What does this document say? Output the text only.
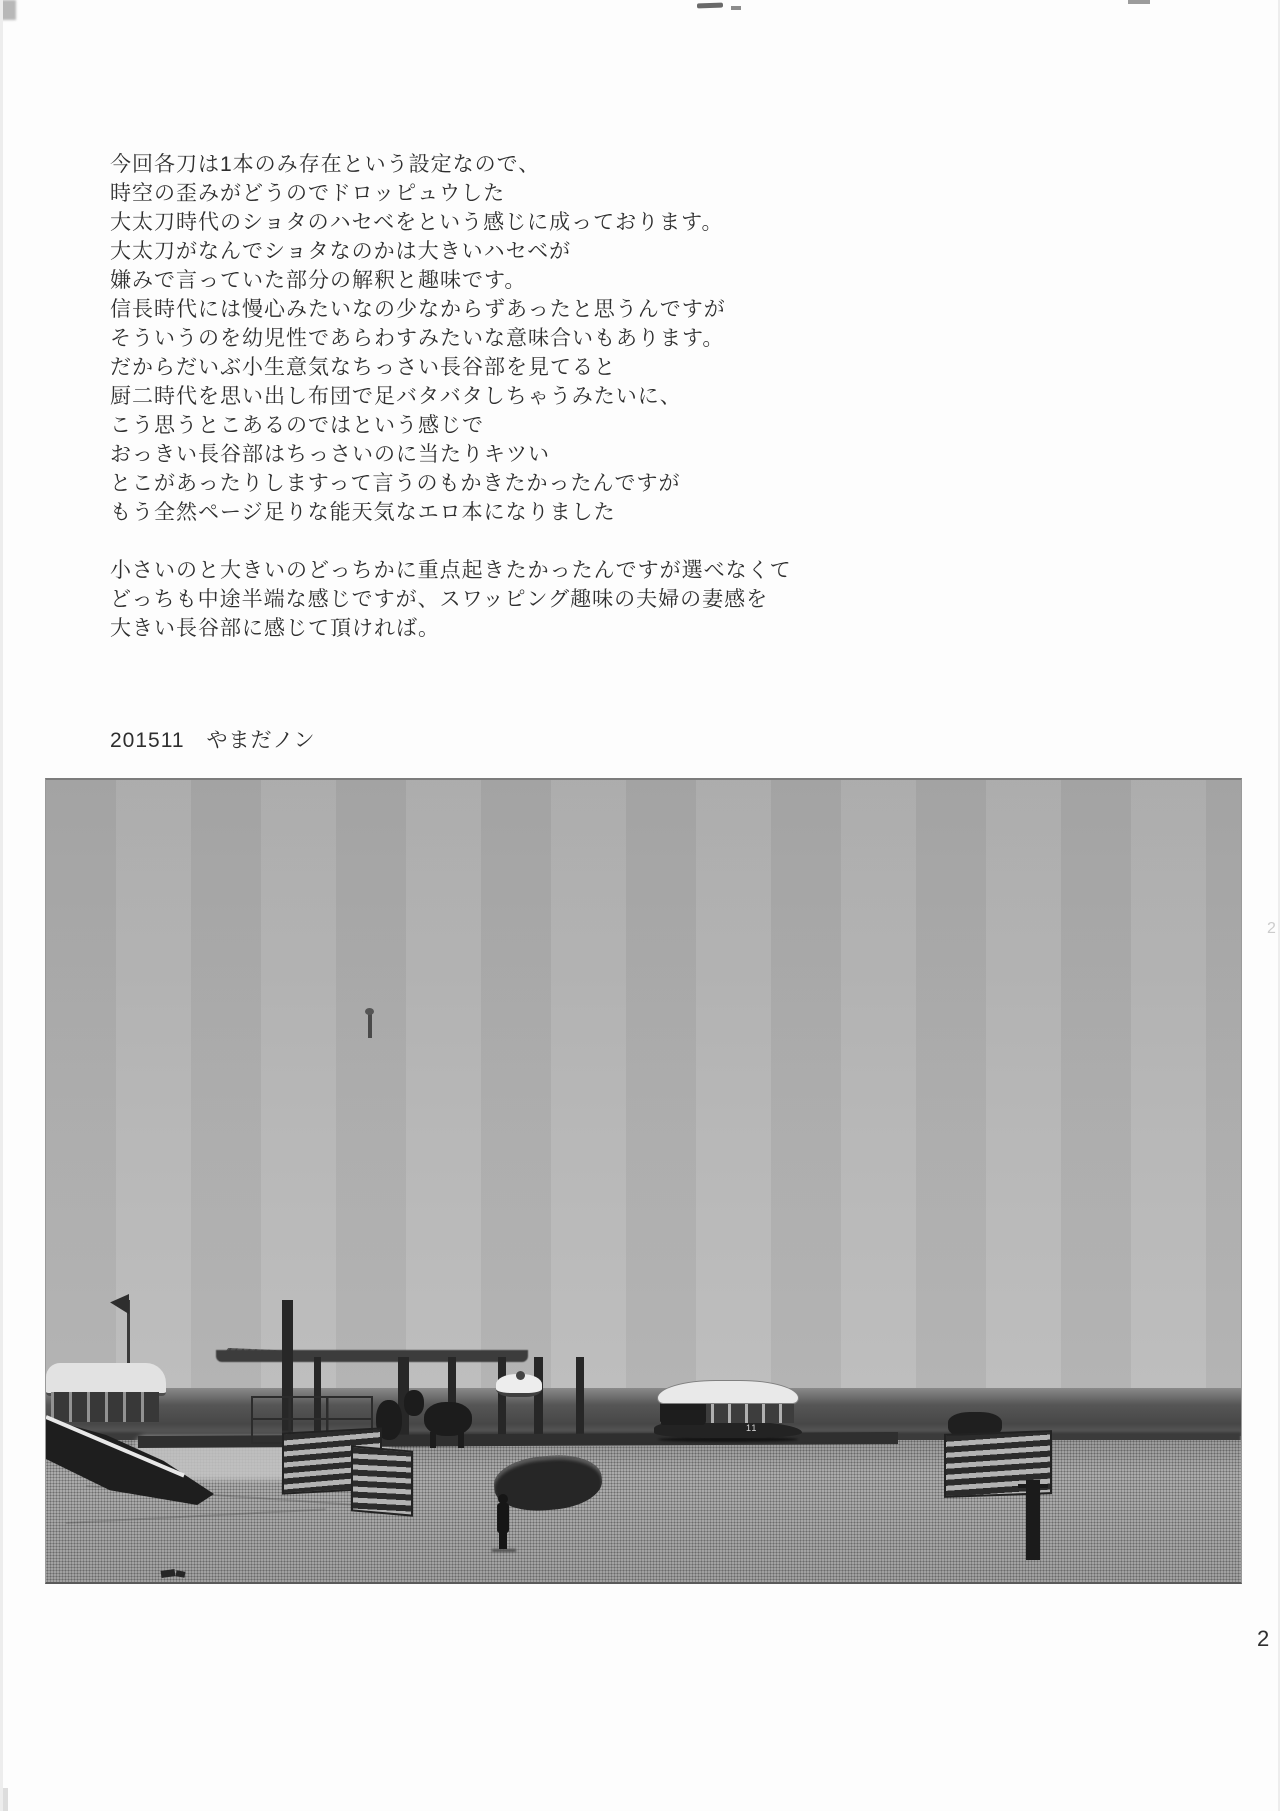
今回各刀は1本のみ存在という設定なので、
時空の歪みがどうのでドロッピュウした
大太刀時代のショタのハセベをという感じに成っております。
大太刀がなんでショタなのかは大きいハセベが
嫌みで言っていた部分の解釈と趣味です。
信長時代には慢心みたいなの少なからずあったと思うんですが
そういうのを幼児性であらわすみたいな意味合いもあります。
だからだいぶ小生意気なちっさい長谷部を見てると
厨二時代を思い出し布団で足バタバタしちゃうみたいに、
こう思うとこあるのではという感じで
おっきい長谷部はちっさいのに当たりキツい
とこがあったりしますって言うのもかきたかったんですが
もう全然ページ足りな能天気なエロ本になりました
小さいのと大きいのどっちかに重点起きたかったんですが選べなくて
どっちも中途半端な感じですが、スワッピング趣味の夫婦の妻感を
大きい長谷部に感じて頂ければ。
201511　やまだノン
11
2
2
